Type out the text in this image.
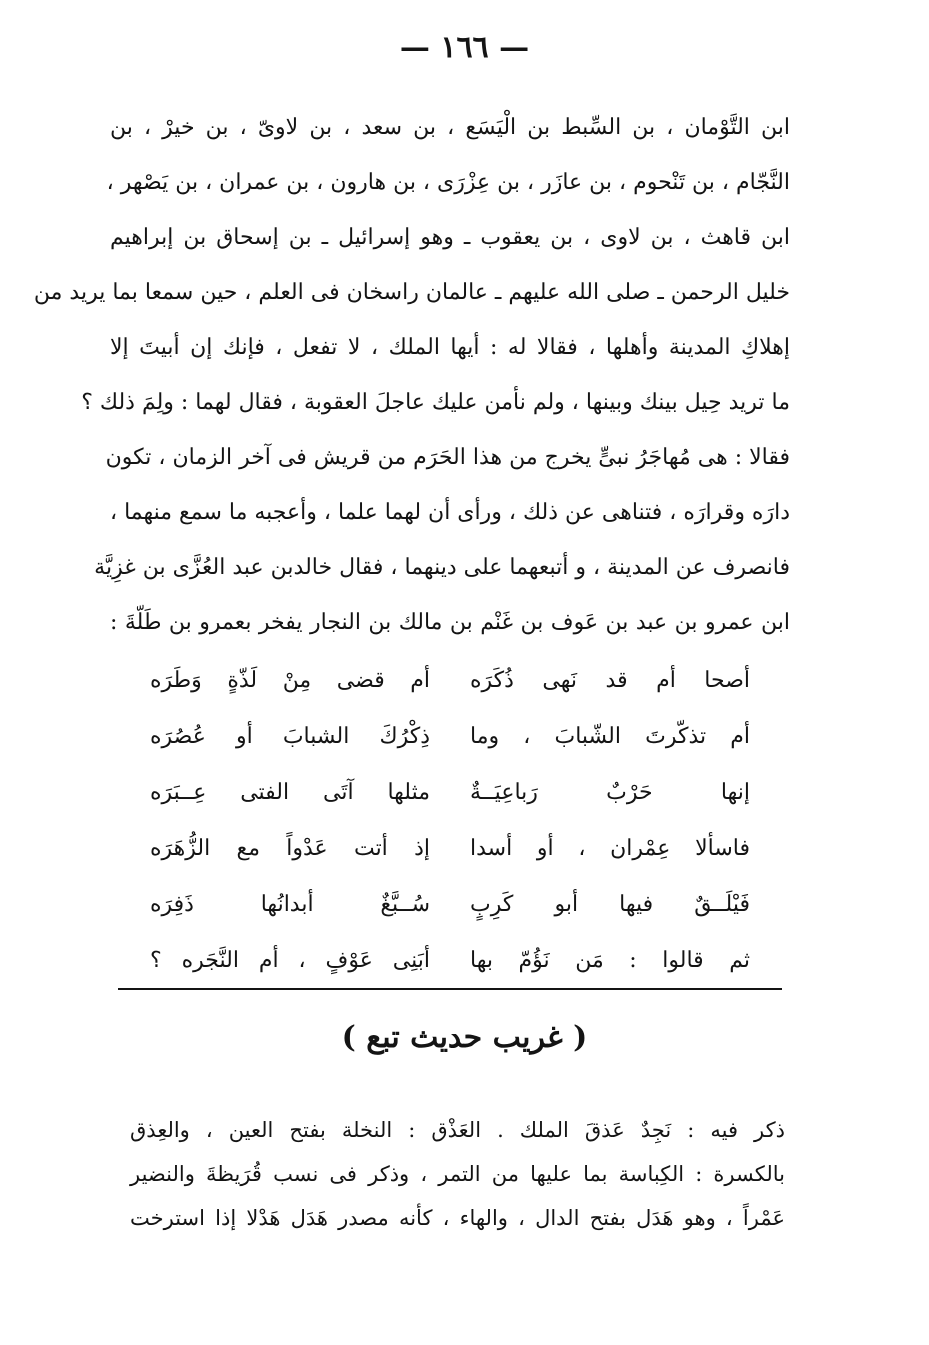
— ١٦٦ —
ابن التَّوْمان ، بن السِّبط بن الْيَسَع ، بن سعد ، بن لاوىّ ، بن خيرْ ، بن
النَّجّام ، بن تَنْحوم ، بن عازَر ، بن عِزْرَى ، بن هارون ، بن عمران ، بن يَصْهر ،
ابن قاهث ، بن لاوى ، بن يعقوب ـ وهو إسرائيل ـ بن إسحاق بن إبراهيم
خليل الرحمن ـ صلى الله عليهم ـ عالمان راسخان فى العلم ، حين سمعا بما يريد من
إهلاكِ المدينة وأهلها ، فقالا له : أيها الملك ، لا تفعل ، فإنك إن أبيتَ إلا
ما تريد حِيل بينك وبينها ، ولم نأمن عليك عاجلَ العقوبة ، فقال لهما : ولِمَ ذلك ؟
فقالا : هى مُهاجَرُ نبىٍّ يخرج من هذا الحَرَم من قريش فى آخر الزمان ، تكون
دارَه وقرارَه ، فتناهى عن ذلك ، ورأى أن لهما علما ، وأعجبه ما سمع منهما ،
فانصرف عن المدينة ، و أتبعهما على دينهما ، فقال خالدبن عبد العُزَّى بن غزِيَّة
ابن عمرو بن عبد بن عَوف بن غَنْم بن مالك بن النجار يفخر بعمرو بن طَلّةَ :
أصحا أم قد نَهى ذُكَرَه
أم قضى مِنْ لَذّةٍ وَطَرَه
أم تذكّرتَ الشّبابَ ، وما
ذِكْرُكَ الشبابَ أو عُصُرَه
إنها حَرْبٌ رَباعِيَــةٌ
مثلها آتَى الفتى عِــبَرَه
فاسألا عِمْران ، أو أسدا
إذ أتت عَدْواً مع الزُّهَرَه
فَيْلَــقٌ فيها أبو كَرِبٍ
سُــبَّغٌ أبدانُها ذَفِرَه
ثم قالوا : مَن نَؤُمّ بها
أبَنِى عَوْفٍ ، أم النَّجَره ؟
( غريب حديث تبع )
ذكر فيه : نَجِدٌ عَذقَ الملك . العَذْق : النخلة بفتح العين ، والعِذق
بالكسرة : الكِباسة بما عليها من التمر ، وذكر فى نسب قُرَيظةَ والنضير
عَمْراً ، وهو هَدَل بفتح الدال ، والهاء ، كأنه مصدر هَدَل هَدْلا إذا استرخت
